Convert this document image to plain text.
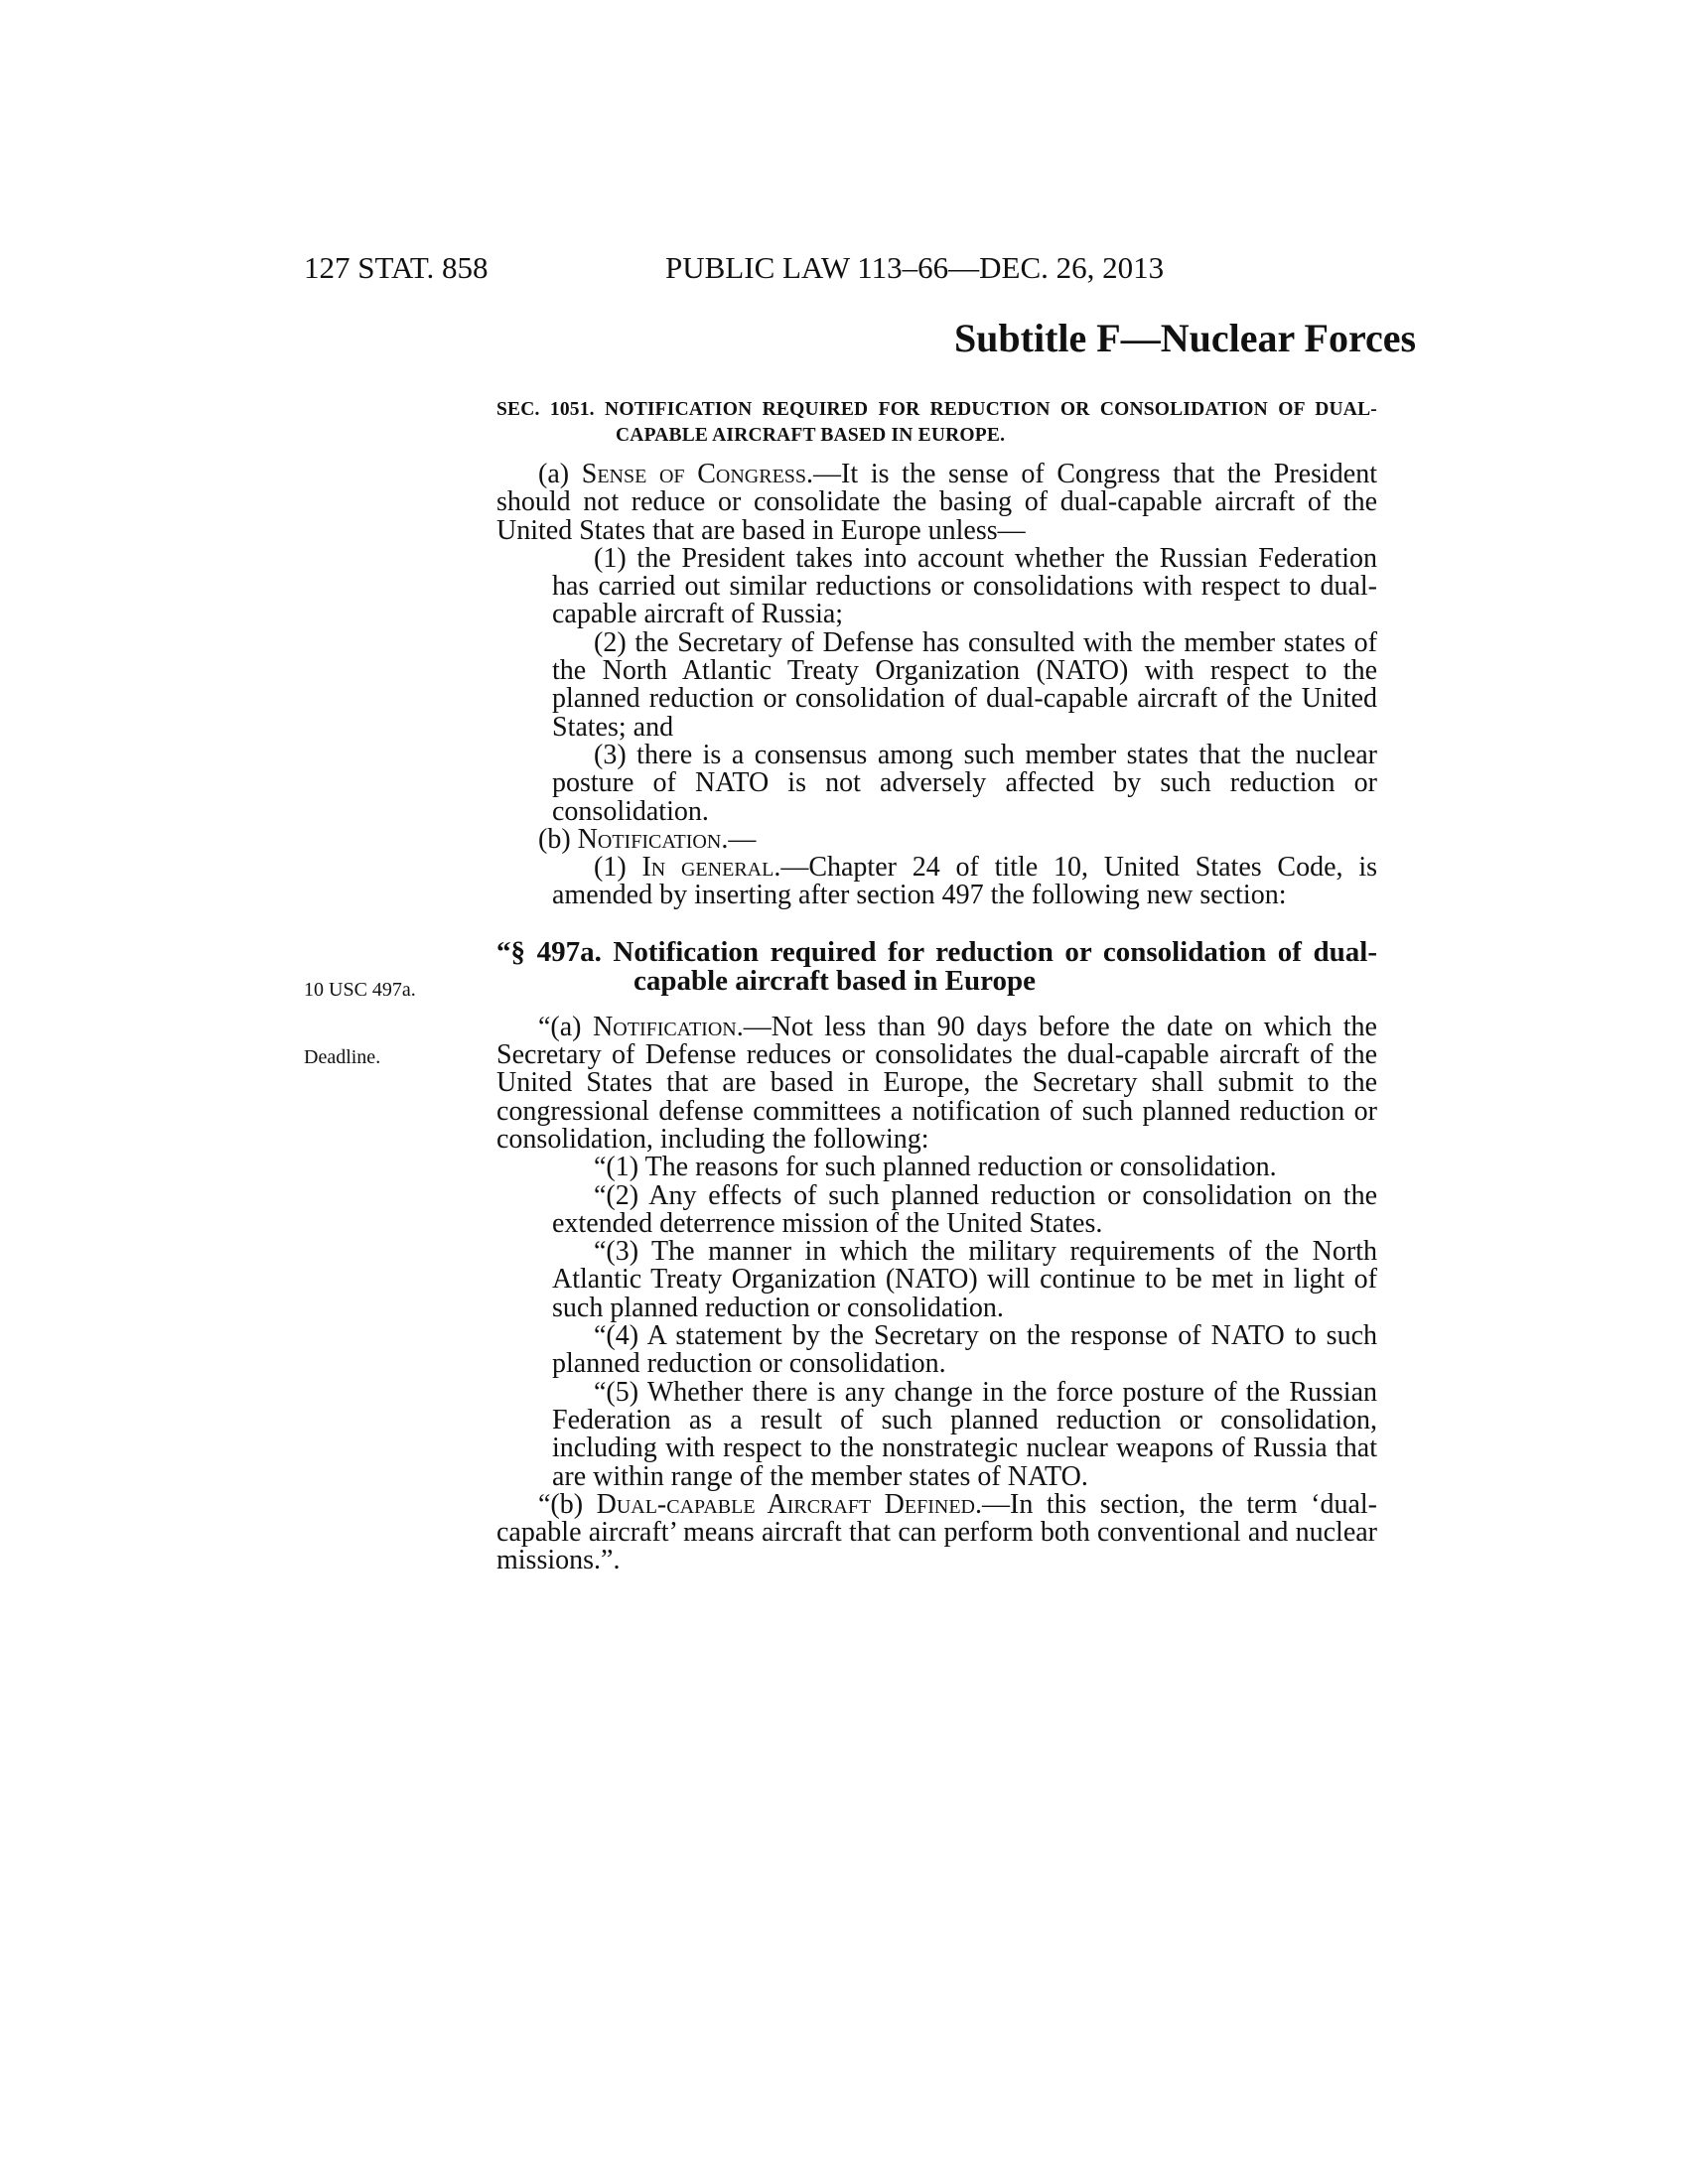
127 STAT. 858	PUBLIC LAW 113–66—DEC. 26, 2013
Subtitle F—Nuclear Forces
10 USC 497a.
Deadline.

SEC. 1051. NOTIFICATION REQUIRED FOR REDUCTION OR CONSOLIDATION OF DUAL-CAPABLE AIRCRAFT BASED IN EUROPE.

(a) Sense of Congress.—It is the sense of Congress that the President should not reduce or consolidate the basing of dual-capable aircraft of the United States that are based in Europe unless—

(1) the President takes into account whether the Russian Federation has carried out similar reductions or consolidations with respect to dual-capable aircraft of Russia;

(2) the Secretary of Defense has consulted with the member states of the North Atlantic Treaty Organization (NATO) with respect to the planned reduction or consolidation of dual-capable aircraft of the United States; and

(3) there is a consensus among such member states that the nuclear posture of NATO is not adversely affected by such reduction or consolidation.

(b) Notification.—

(1) In general.—Chapter 24 of title 10, United States Code, is amended by inserting after section 497 the following new section:

“§ 497a. Notification required for reduction or consolidation of dual-capable aircraft based in Europe

“(a) Notification.—Not less than 90 days before the date on which the Secretary of Defense reduces or consolidates the dual-capable aircraft of the United States that are based in Europe, the Secretary shall submit to the congressional defense committees a notification of such planned reduction or consolidation, including the following:

“(1) The reasons for such planned reduction or consolidation.

“(2) Any effects of such planned reduction or consolidation on the extended deterrence mission of the United States.

“(3) The manner in which the military requirements of the North Atlantic Treaty Organization (NATO) will continue to be met in light of such planned reduction or consolidation.

“(4) A statement by the Secretary on the response of NATO to such planned reduction or consolidation.

“(5) Whether there is any change in the force posture of the Russian Federation as a result of such planned reduction or consolidation, including with respect to the nonstrategic nuclear weapons of Russia that are within range of the member states of NATO.

“(b) Dual-capable Aircraft Defined.—In this section, the term ‘dual-capable aircraft’ means aircraft that can perform both conventional and nuclear missions.”.
